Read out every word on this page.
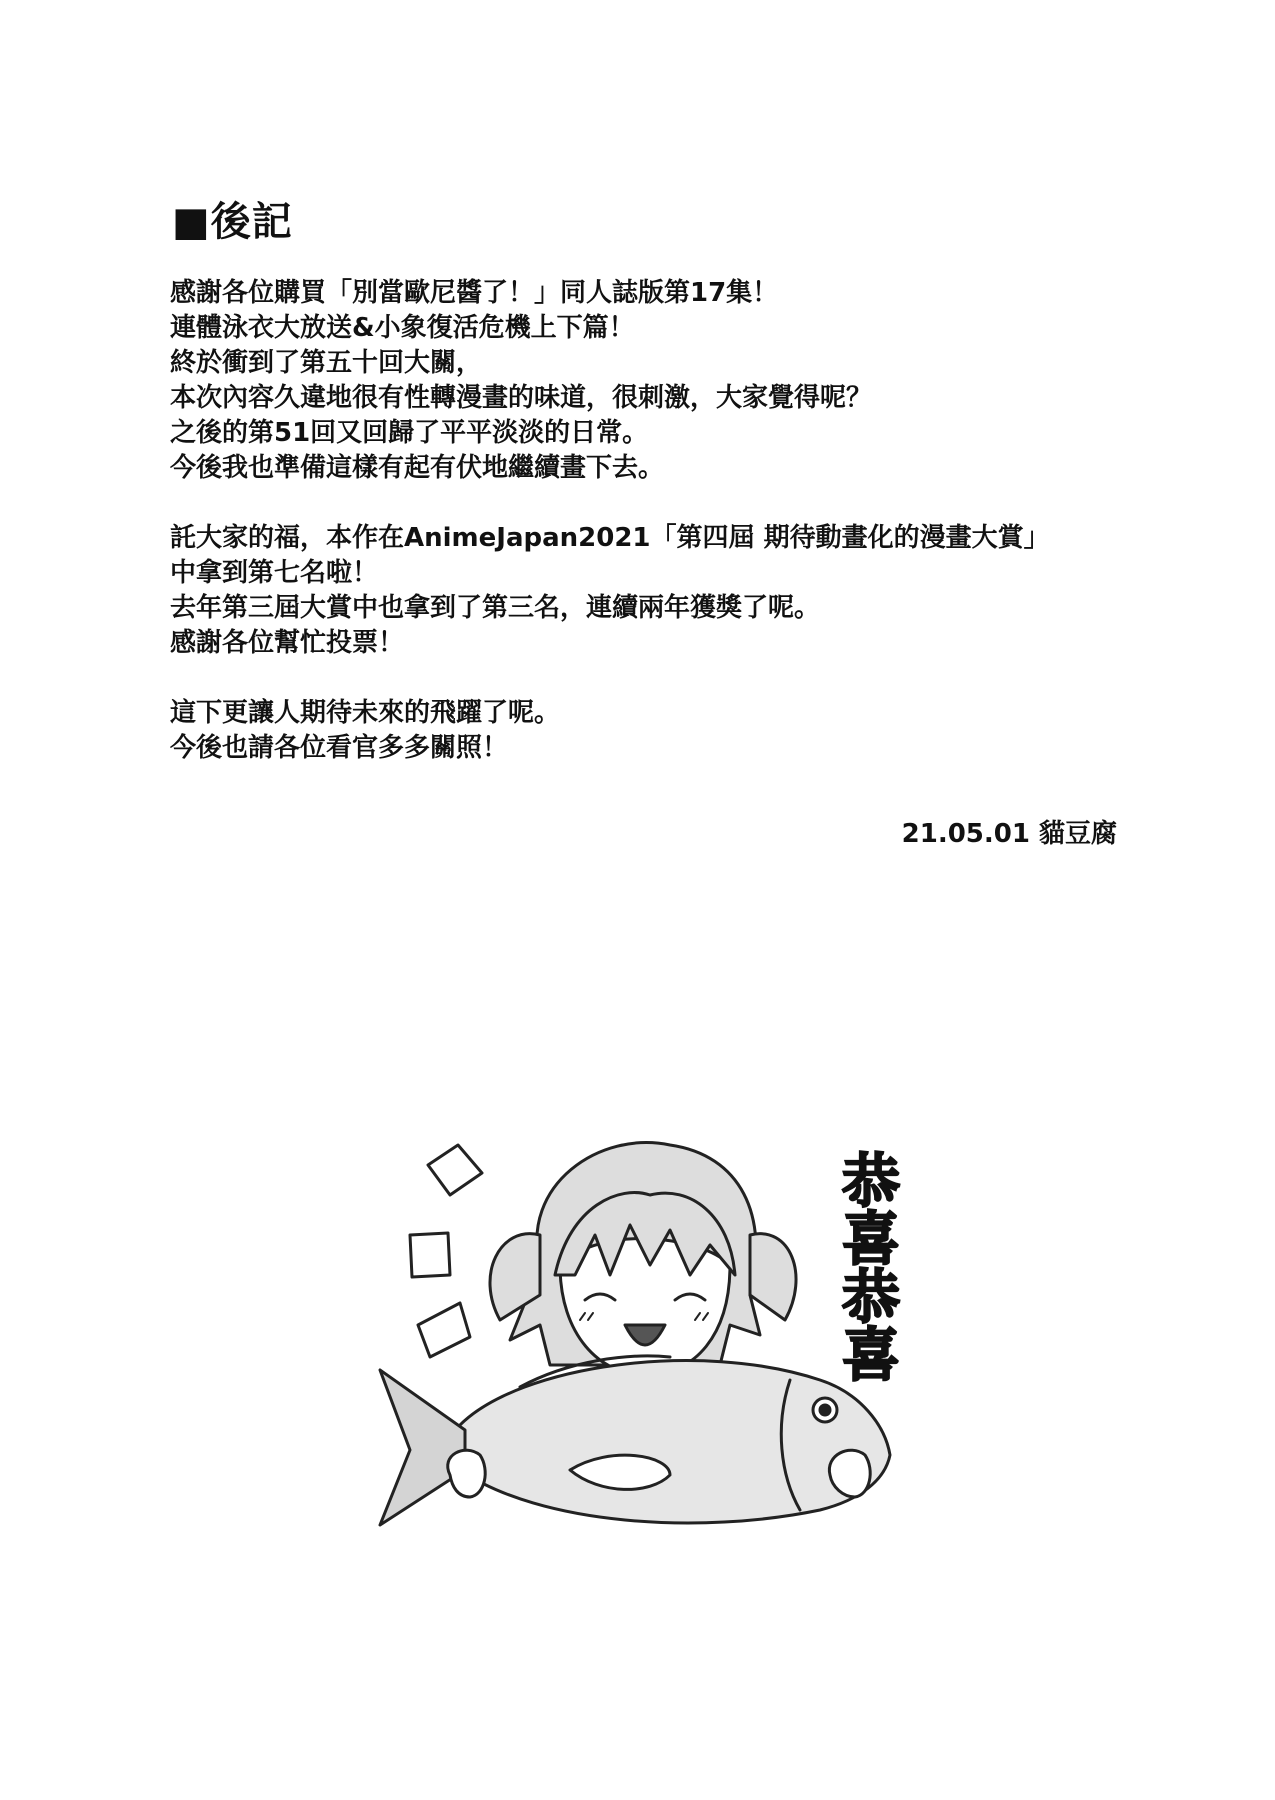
■後記
感謝各位購買「別當歐尼醬了！」同人誌版第17集！
連體泳衣大放送&小象復活危機上下篇！
終於衝到了第五十回大關，
本次內容久違地很有性轉漫畫的味道，很刺激，大家覺得呢？
之後的第51回又回歸了平平淡淡的日常。
今後我也準備這樣有起有伏地繼續畫下去。
託大家的福，本作在AnimeJapan2021「第四屆 期待動畫化的漫畫大賞」
中拿到第七名啦！
去年第三屆大賞中也拿到了第三名，連續兩年獲獎了呢。
感謝各位幫忙投票！
這下更讓人期待未來的飛躍了呢。
今後也請各位看官多多關照！
21.05.01 貓豆腐
恭喜恭喜
